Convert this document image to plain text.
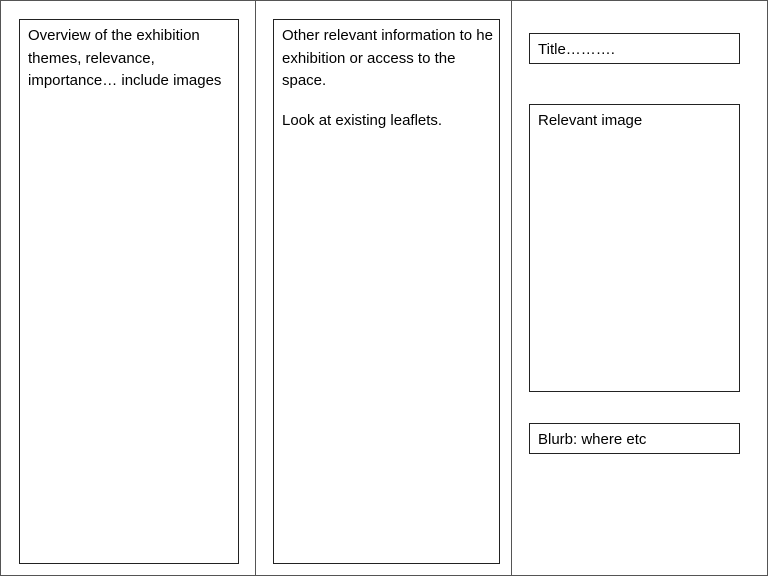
Overview of the exhibition themes, relevance, importance… include images
Other relevant information to he exhibition or access to the space.
Look at existing leaflets.
Title……….
Relevant image
Blurb: where etc
